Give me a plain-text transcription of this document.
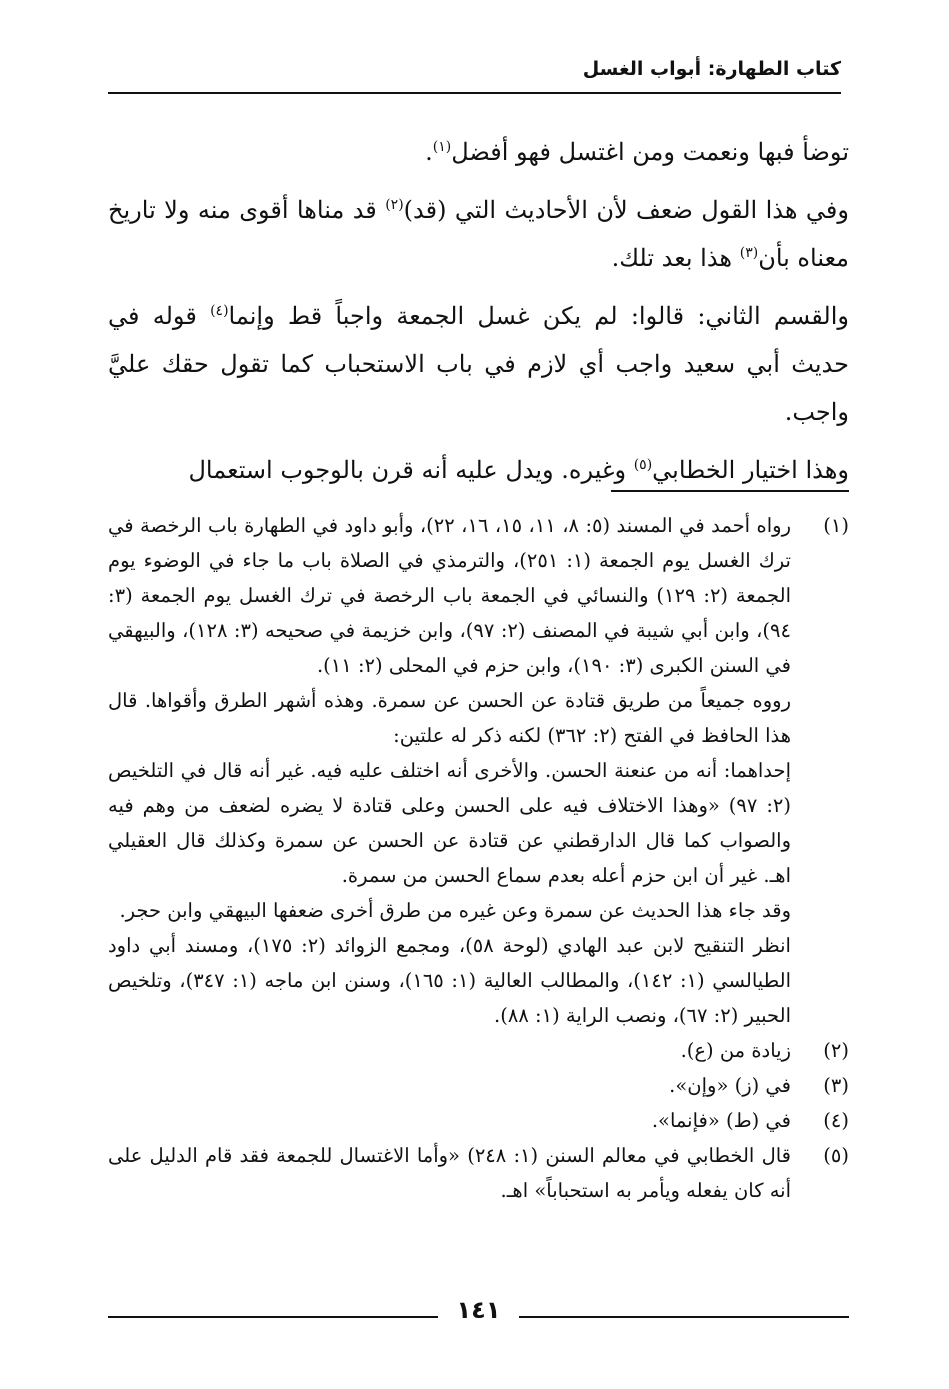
كتاب الطهارة: أبواب الغسل

توضأ فبها ونعمت ومن اغتسل فهو أفضل$^{(١)}$.

وفي هذا القول ضعف لأن الأحاديث التي (قد)$^{(٢)}$ قد مناها أقوى منه ولا تاريخ معناه بأن$^{(٣)}$ هذا بعد تلك.

والقسم الثاني: قالوا: لم يكن غسل الجمعة واجباً قط وإنما$^{(٤)}$ قوله في حديث أبي سعيد واجب أي لازم في باب الاستحباب كما تقول حقك عليَّ واجب.

وهذا اختيار الخطابي$^{(٥)}$ وغيره. ويدل عليه أنه قرن بالوجوب استعمال

(١)
رواه أحمد في المسند (٥: ٨، ١١، ١٥، ١٦، ٢٢)، وأبو داود في الطهارة باب الرخصة في ترك الغسل يوم الجمعة (١: ٢٥١)، والترمذي في الصلاة باب ما جاء في الوضوء يوم الجمعة (٢: ١٢٩) والنسائي في الجمعة باب الرخصة في ترك الغسل يوم الجمعة (٣: ٩٤)، وابن أبي شيبة في المصنف (٢: ٩٧)، وابن خزيمة في صحيحه (٣: ١٢٨)، والبيهقي في السنن الكبرى (٣: ١٩٠)، وابن حزم في المحلى (٢: ١١).

رووه جميعاً من طريق قتادة عن الحسن عن سمرة. وهذه أشهر الطرق وأقواها. قال هذا الحافظ في الفتح (٢: ٣٦٢) لكنه ذكر له علتين:

إحداهما: أنه من عنعنة الحسن. والأخرى أنه اختلف عليه فيه. غير أنه قال في التلخيص (٢: ٩٧) «وهذا الاختلاف فيه على الحسن وعلى قتادة لا يضره لضعف من وهم فيه والصواب كما قال الدارقطني عن قتادة عن الحسن عن سمرة وكذلك قال العقيلي اهـ. غير أن ابن حزم أعله بعدم سماع الحسن من سمرة.

وقد جاء هذا الحديث عن سمرة وعن غيره من طرق أخرى ضعفها البيهقي وابن حجر.

انظر التنقيح لابن عبد الهادي (لوحة ٥٨)، ومجمع الزوائد (٢: ١٧٥)، ومسند أبي داود الطيالسي (١: ١٤٢)، والمطالب العالية (١: ١٦٥)، وسنن ابن ماجه (١: ٣٤٧)، وتلخيص الحبير (٢: ٦٧)، ونصب الراية (١: ٨٨).

(٢)
زيادة من (ع).

(٣)
في (ز) «وإن».

(٤)
في (ط) «فإنما».

(٥)
قال الخطابي في معالم السنن (١: ٢٤٨) «وأما الاغتسال للجمعة فقد قام الدليل على أنه كان يفعله ويأمر به استحباباً» اهـ.

١٤١
